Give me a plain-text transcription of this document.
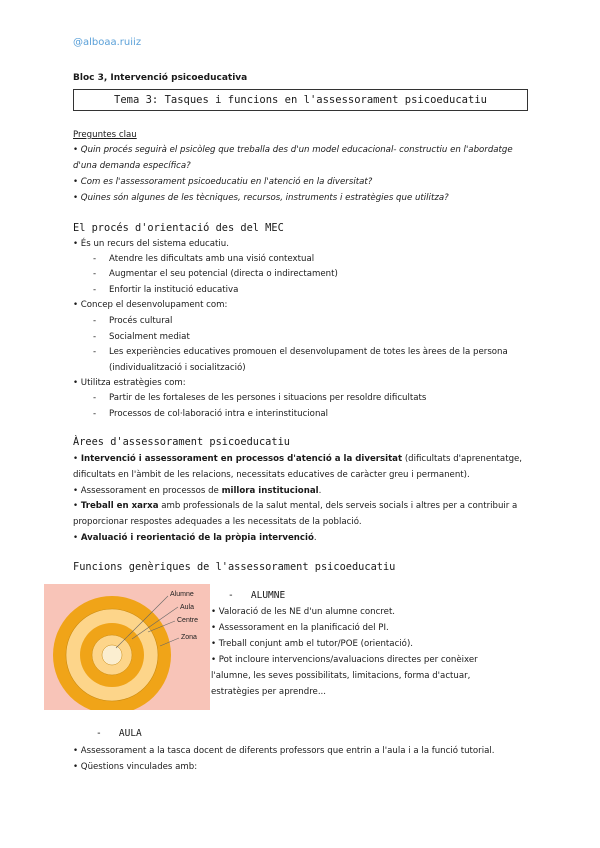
@alboaa.ruiiz
Bloc 3, Intervenció psicoeducativa
Tema 3: Tasques i funcions en l'assessorament psicoeducatiu
Preguntes clau
• Quin procés seguirà el psicòleg que treballa des d'un model educacional- constructiu en l'abordatge
d'una demanda específica?
• Com es l'assessorament psicoeducatiu en l'atenció en la diversitat?
• Quines són algunes de les tècniques, recursos, instruments i estratègies que utilitza?
El procés d'orientació des del MEC
• És un recurs del sistema educatiu.
- Atendre les dificultats amb una visió contextual
- Augmentar el seu potencial (directa o indirectament)
- Enfortir la institució educativa
• Concep el desenvolupament com:
- Procés cultural
- Socialment mediat
- Les experiències educatives promouen el desenvolupament de totes les àrees de la persona
(individualització i socialització)
• Utilitza estratègies com:
- Partir de les fortaleses de les persones i situacions per resoldre dificultats
- Processos de col·laboració intra e interinstitucional
Àrees d'assessorament psicoeducatiu
• Intervenció i assessorament en processos d'atenció a la diversitat (dificultats d'aprenentatge,
dificultats en l'àmbit de les relacions, necessitats educatives de caràcter greu i permanent).
• Assessorament en processos de millora institucional.
• Treball en xarxa amb professionals de la salut mental, dels serveis socials i altres per a contribuir a
proporcionar respostes adequades a les necessitats de la població.
• Avaluació i reorientació de la pròpia intervenció.
Funcions genèriques de l'assessorament psicoeducatiu
Alumne
Aula
Centre
Zona
-   ALUMNE
• Valoració de les NE d'un alumne concret.
• Assessorament en la planificació del PI.
• Treball conjunt amb el tutor/POE (orientació).
• Pot incloure intervencions/avaluacions directes per conèixer
l'alumne, les seves possibilitats, limitacions, forma d'actuar,
estratègies per aprendre...
-   AULA
• Assessorament a la tasca docent de diferents professors que entrin a l'aula i a la funció tutorial.
• Qüestions vinculades amb:
